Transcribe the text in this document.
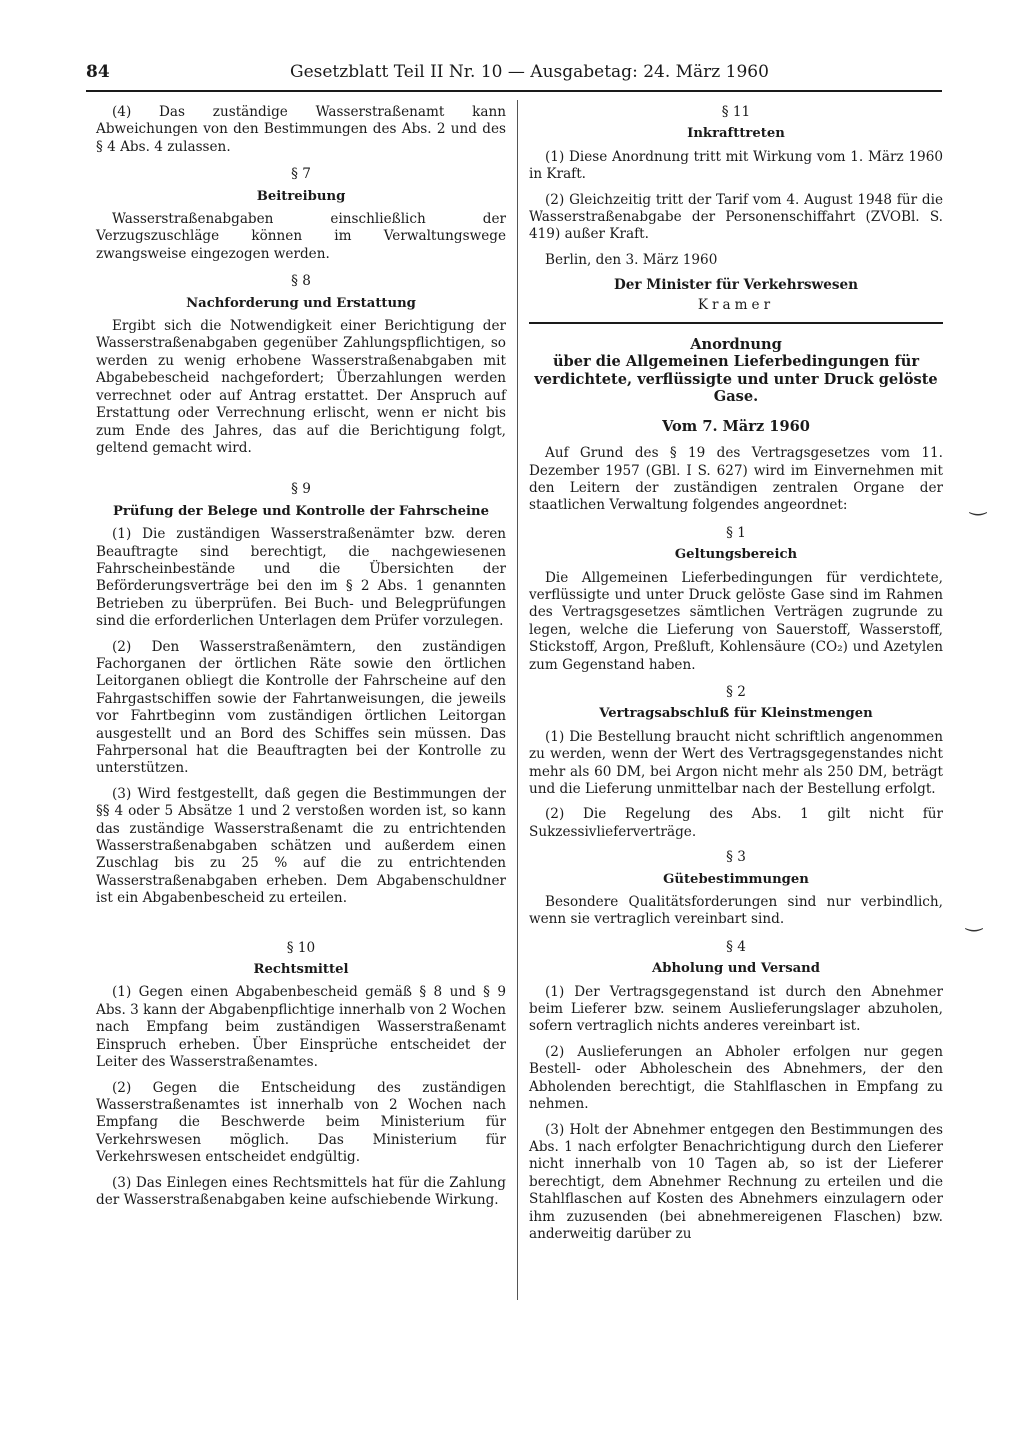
84	Gesetzblatt Teil II Nr. 10 — Ausgabetag: 24. März 1960

(4) Das zuständige Wasserstraßenamt kann Abweichungen von den Bestimmungen des Abs. 2 und des § 4 Abs. 4 zulassen.

§ 7
Beitreibung

Wasserstraßenabgaben einschließlich der Verzugszuschläge können im Verwaltungswege zwangsweise eingezogen werden.

§ 8
Nachforderung und Erstattung

Ergibt sich die Notwendigkeit einer Berichtigung der Wasserstraßenabgaben gegenüber Zahlungspflichtigen, so werden zu wenig erhobene Wasserstraßenabgaben mit Abgabebescheid nachgefordert; Überzahlungen werden verrechnet oder auf Antrag erstattet. Der Anspruch auf Erstattung oder Verrechnung erlischt, wenn er nicht bis zum Ende des Jahres, das auf die Berichtigung folgt, geltend gemacht wird.

§ 9
Prüfung der Belege und Kontrolle der Fahrscheine

(1) Die zuständigen Wasserstraßenämter bzw. deren Beauftragte sind berechtigt, die nachgewiesenen Fahrscheinbestände und die Übersichten der Beförderungsverträge bei den im § 2 Abs. 1 genannten Betrieben zu überprüfen. Bei Buch- und Belegprüfungen sind die erforderlichen Unterlagen dem Prüfer vorzulegen.

(2) Den Wasserstraßenämtern, den zuständigen Fachorganen der örtlichen Räte sowie den örtlichen Leitorganen obliegt die Kontrolle der Fahrscheine auf den Fahrgastschiffen sowie der Fahrtanweisungen, die jeweils vor Fahrtbeginn vom zuständigen örtlichen Leitorgan ausgestellt und an Bord des Schiffes sein müssen. Das Fahrpersonal hat die Beauftragten bei der Kontrolle zu unterstützen.

(3) Wird festgestellt, daß gegen die Bestimmungen der §§ 4 oder 5 Absätze 1 und 2 verstoßen worden ist, so kann das zuständige Wasserstraßenamt die zu entrichtenden Wasserstraßenabgaben schätzen und außerdem einen Zuschlag bis zu 25 % auf die zu entrichtenden Wasserstraßenabgaben erheben. Dem Abgabenschuldner ist ein Abgabenbescheid zu erteilen.

§ 10
Rechtsmittel

(1) Gegen einen Abgabenbescheid gemäß § 8 und § 9 Abs. 3 kann der Abgabenpflichtige innerhalb von 2 Wochen nach Empfang beim zuständigen Wasserstraßenamt Einspruch erheben. Über Einsprüche entscheidet der Leiter des Wasserstraßenamtes.

(2) Gegen die Entscheidung des zuständigen Wasserstraßenamtes ist innerhalb von 2 Wochen nach Empfang die Beschwerde beim Ministerium für Verkehrswesen möglich. Das Ministerium für Verkehrswesen entscheidet endgültig.

(3) Das Einlegen eines Rechtsmittels hat für die Zahlung der Wasserstraßenabgaben keine aufschiebende Wirkung.

§ 11
Inkrafttreten

(1) Diese Anordnung tritt mit Wirkung vom 1. März 1960 in Kraft.

(2) Gleichzeitig tritt der Tarif vom 4. August 1948 für die Wasserstraßenabgabe der Personenschiffahrt (ZVOBl. S. 419) außer Kraft.

Berlin, den 3. März 1960

Der Minister für Verkehrswesen
Kramer
Anordnung
über die Allgemeinen Lieferbedingungen für verdichtete, verflüssigte und unter Druck gelöste Gase.
Vom 7. März 1960

Auf Grund des § 19 des Vertragsgesetzes vom 11. Dezember 1957 (GBl. I S. 627) wird im Einvernehmen mit den Leitern der zuständigen zentralen Organe der staatlichen Verwaltung folgendes angeordnet:

§ 1
Geltungsbereich

Die Allgemeinen Lieferbedingungen für verdichtete, verflüssigte und unter Druck gelöste Gase sind im Rahmen des Vertragsgesetzes sämtlichen Verträgen zugrunde zu legen, welche die Lieferung von Sauerstoff, Wasserstoff, Stickstoff, Argon, Preßluft, Kohlensäure (CO₂) und Azetylen zum Gegenstand haben.

§ 2
Vertragsabschluß für Kleinstmengen

(1) Die Bestellung braucht nicht schriftlich angenommen zu werden, wenn der Wert des Vertragsgegenstandes nicht mehr als 60 DM, bei Argon nicht mehr als 250 DM, beträgt und die Lieferung unmittelbar nach der Bestellung erfolgt.

(2) Die Regelung des Abs. 1 gilt nicht für Sukzessivlieferverträge.

§ 3
Gütebestimmungen

Besondere Qualitätsforderungen sind nur verbindlich, wenn sie vertraglich vereinbart sind.

§ 4
Abholung und Versand

(1) Der Vertragsgegenstand ist durch den Abnehmer beim Lieferer bzw. seinem Auslieferungslager abzuholen, sofern vertraglich nichts anderes vereinbart ist.

(2) Auslieferungen an Abholer erfolgen nur gegen Bestell- oder Abholeschein des Abnehmers, der den Abholenden berechtigt, die Stahlflaschen in Empfang zu nehmen.

(3) Holt der Abnehmer entgegen den Bestimmungen des Abs. 1 nach erfolgter Benachrichtigung durch den Lieferer nicht innerhalb von 10 Tagen ab, so ist der Lieferer berechtigt, dem Abnehmer Rechnung zu erteilen und die Stahlflaschen auf Kosten des Abnehmers einzulagern oder ihm zuzusenden (bei abnehmereigenen Flaschen) bzw. anderweitig darüber zu

‿
‿
